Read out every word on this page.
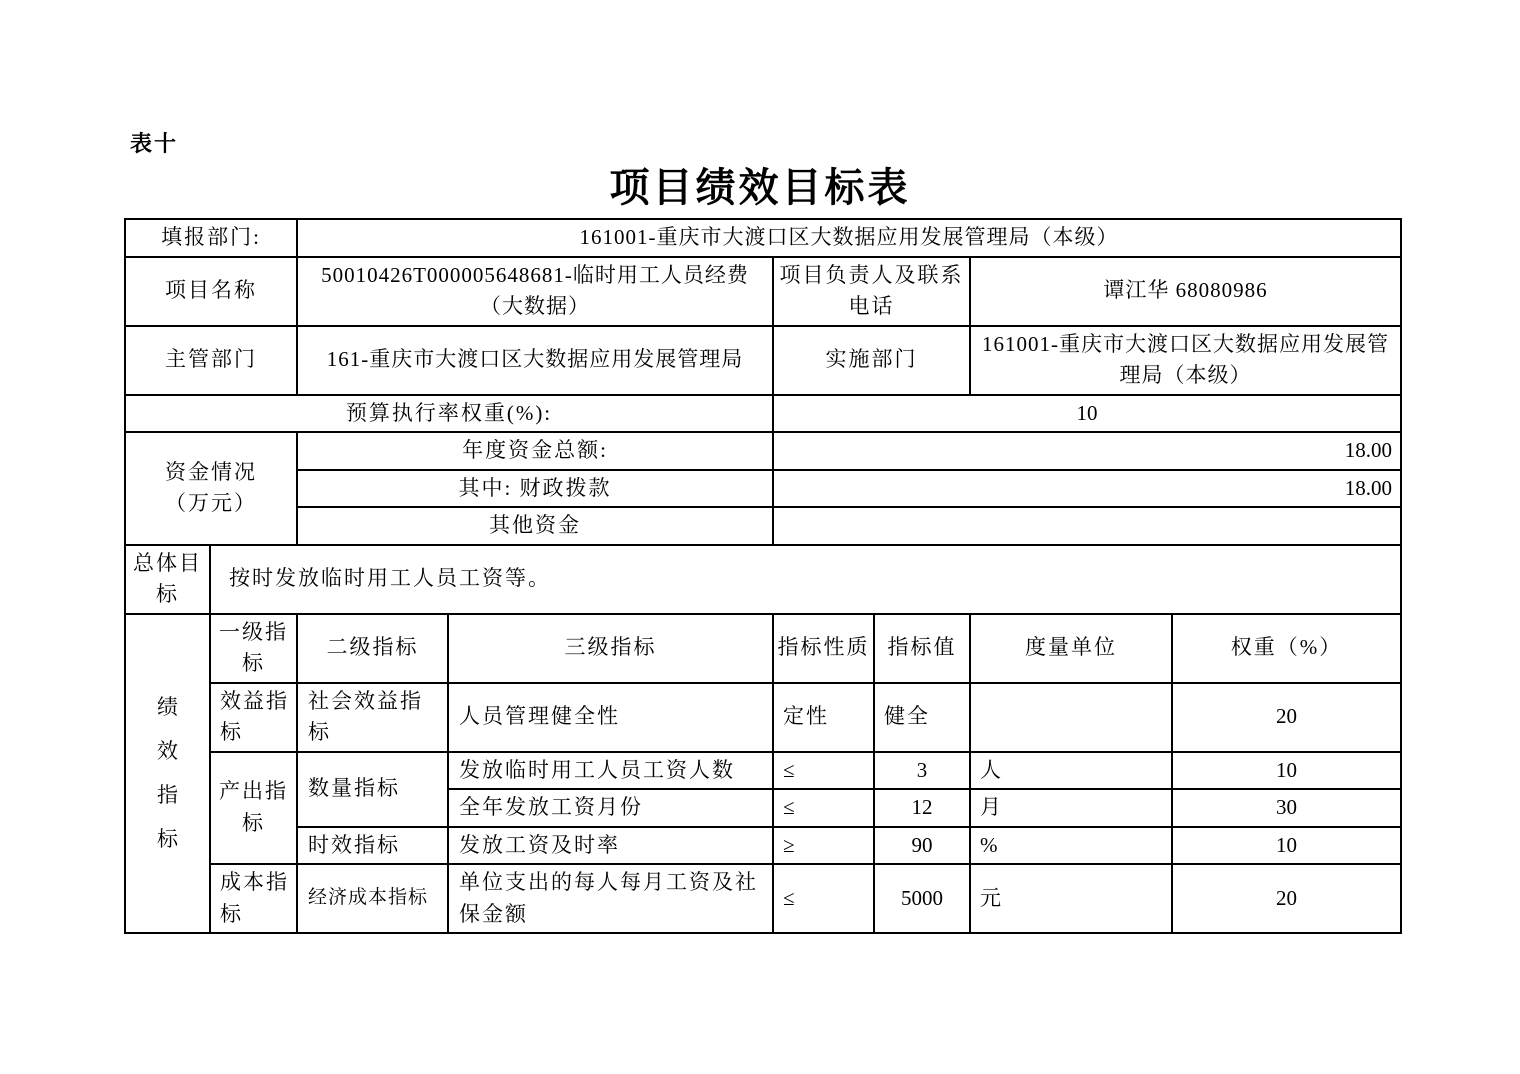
表十
项目绩效目标表
填报部门:		161001-重庆市大渡口区大数据应用发展管理局（本级）					
项目名称		50010426T000005648681-临时用工人员经费（大数据）		项目负责人及联系电话		谭江华 68080986	
主管部门		161-重庆市大渡口区大数据应用发展管理局		实施部门		161001-重庆市大渡口区大数据应用发展管理局（本级）	
预算执行率权重(%):				10			

资金情况
（万元）		年度资金总额:		18.00			
		其中: 财政拨款		18.00			
		其他资金					
总体目标	按时发放临时用工人员工资等。						
绩效指标	一级指标	二级指标	三级指标	指标性质	指标值	度量单位	权重（%）
	效益指标	社会效益指标	人员管理健全性	定性	健全		20
	产出指标	数量指标	发放临时用工人员工资人数	≤	3	人	10
			全年发放工资月份	≤	12	月	30
		时效指标	发放工资及时率	≥	90	%	10
	成本指标	经济成本指标	单位支出的每人每月工资及社保金额	≤	5000	元	20
